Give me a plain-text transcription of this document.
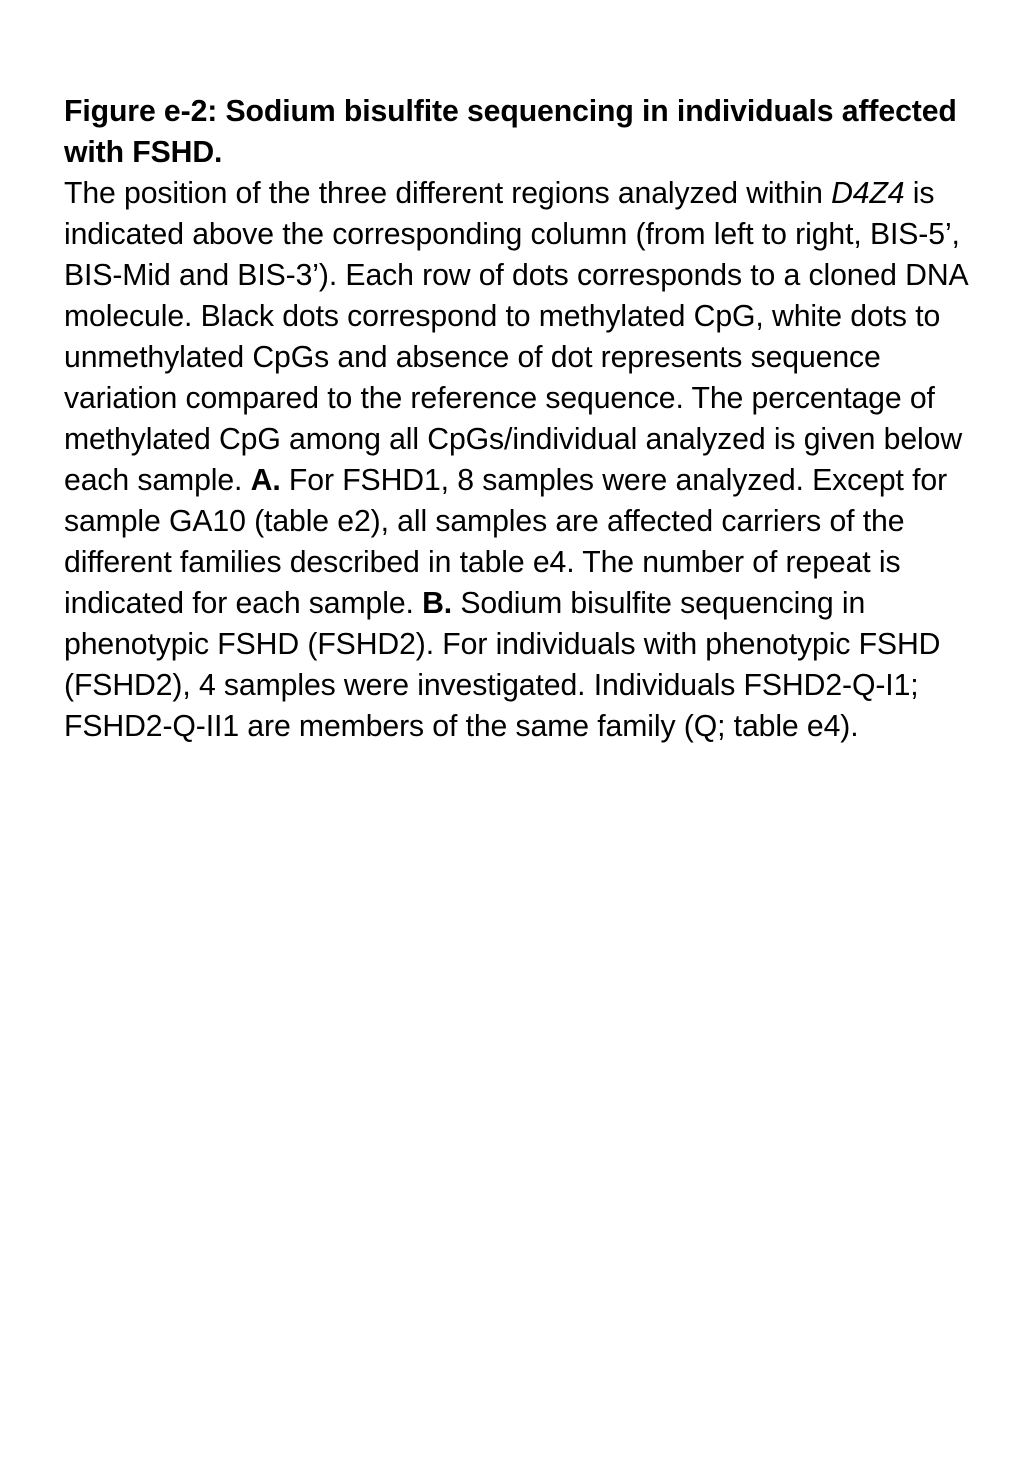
Figure e-2: Sodium bisulfite sequencing in individuals affected with FSHD.

The position of the three different regions analyzed within D4Z4 is indicated above the corresponding column (from left to right, BIS-5’, BIS-Mid and BIS-3’). Each row of dots corresponds to a cloned DNA molecule. Black dots correspond to methylated CpG, white dots to unmethylated CpGs and absence of dot represents sequence variation compared to the reference sequence. The percentage of methylated CpG among all CpGs/individual analyzed is given below each sample. A. For FSHD1, 8 samples were analyzed. Except for sample GA10 (table e2), all samples are affected carriers of the different families described in table e4. The number of repeat is indicated for each sample. B. Sodium bisulfite sequencing in phenotypic FSHD (FSHD2). For individuals with phenotypic FSHD (FSHD2), 4 samples were investigated. Individuals FSHD2-Q-I1; FSHD2-Q-II1 are members of the same family (Q; table e4).
